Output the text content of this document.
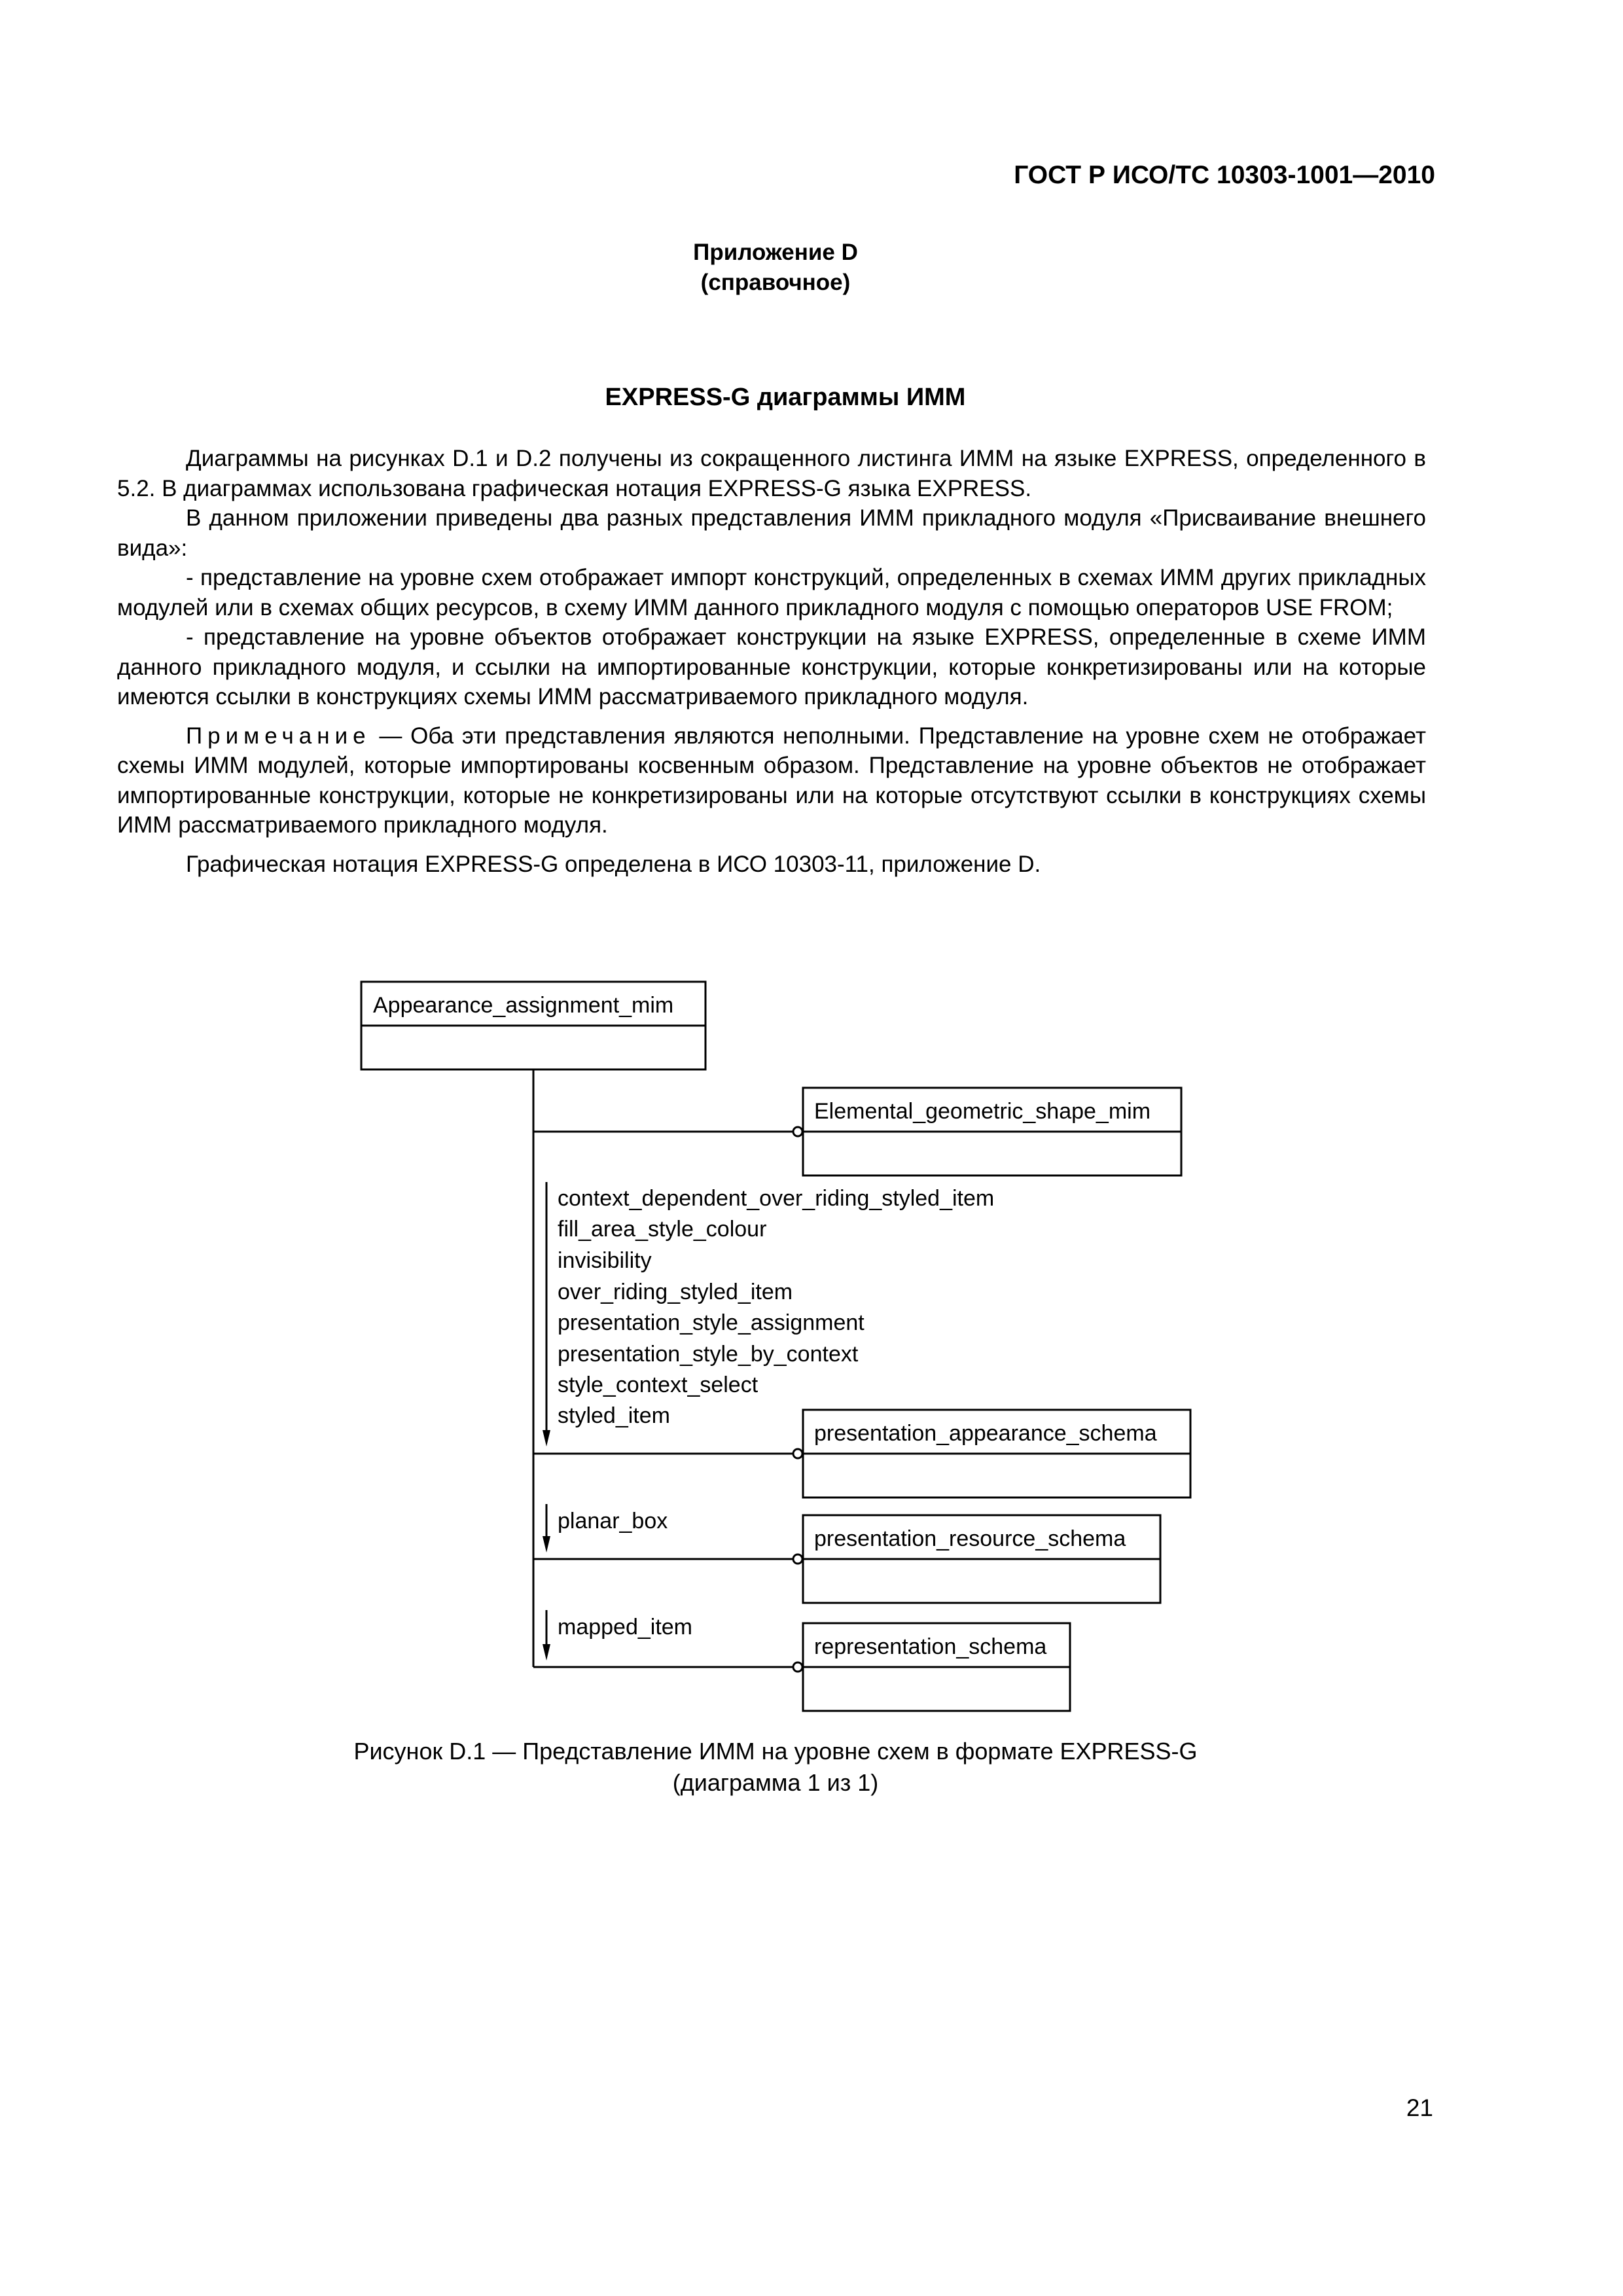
ГОСТ Р ИСО/ТС 10303-1001—2010
Приложение D
(справочное)
EXPRESS-G диаграммы ИММ

Диаграммы на рисунках D.1 и D.2 получены из сокращенного листинга ИММ на языке EXPRESS, определенного в 5.2. В диаграммах использована графическая нотация EXPRESS-G языка EXPRESS.

В данном приложении приведены два разных представления ИММ прикладного модуля «Присваивание внешнего вида»:

- представление на уровне схем отображает импорт конструкций, определенных в схемах ИММ других прикладных модулей или в схемах общих ресурсов, в схему ИММ данного прикладного модуля с помощью операторов USE FROM;

- представление на уровне объектов отображает конструкции на языке EXPRESS, определенные в схеме ИММ данного прикладного модуля, и ссылки на импортированные конструкции, которые конкретизированы или на которые имеются ссылки в конструкциях схемы ИММ рассматриваемого прикладного модуля.

Примечание — Оба эти представления являются неполными. Представление на уровне схем не отображает схемы ИММ модулей, которые импортированы косвенным образом. Представление на уровне объектов не отображает импортированные конструкции, которые не конкретизированы или на которые отсутствуют ссылки в конструкциях схемы ИММ рассматриваемого прикладного модуля.

Графическая нотация EXPRESS-G определена в ИСО 10303-11, приложение D.

Appearance_assignment_mim
Elemental_geometric_shape_mim
presentation_appearance_schema
presentation_resource_schema
representation_schema
context_dependent_over_riding_styled_item
fill_area_style_colour
invisibility
over_riding_styled_item
presentation_style_assignment
presentation_style_by_context
style_context_select
styled_item
planar_box
mapped_item
Рисунок D.1 — Представление ИММ на уровне схем в формате EXPRESS-G
(диаграмма 1 из 1)
21
